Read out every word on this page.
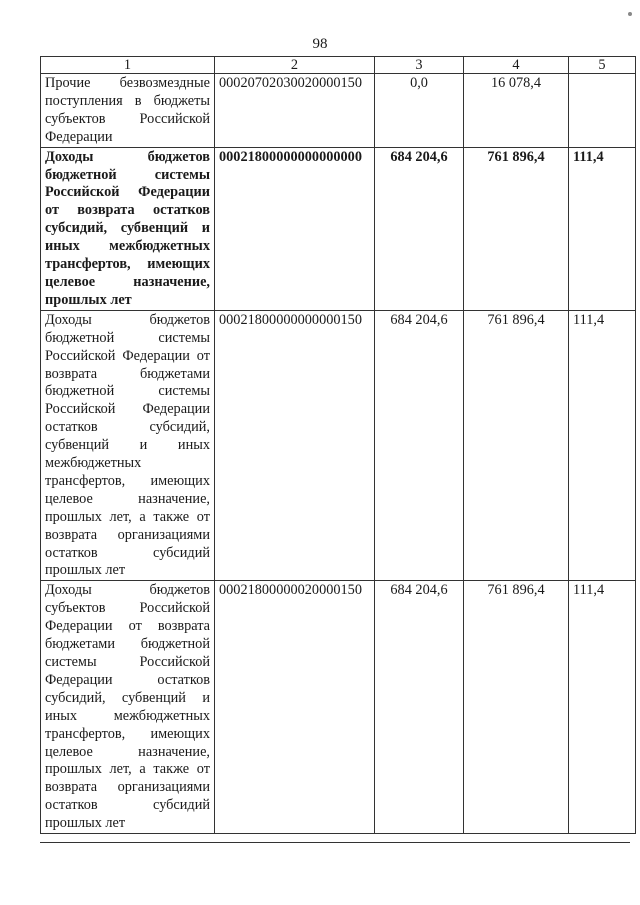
98
1	2	3	4	5
Прочие безвозмездные поступления в бюджеты субъектов Российской Федерации	00020702030020000150	0,0	16 078,4	
Доходы бюджетов бюджетной системы Российской Федерации от возврата остатков субсидий, субвенций и иных межбюджетных трансфертов, имеющих целевое назначение, прошлых лет	00021800000000000000	684 204,6	761 896,4	111,4
Доходы бюджетов бюджетной системы Российской Федерации от возврата бюджетами бюджетной системы Российской Федерации остатков субсидий, субвенций и иных межбюджетных трансфертов, имеющих целевое назначение, прошлых лет, а также от возврата организациями остатков субсидий прошлых лет	00021800000000000150	684 204,6	761 896,4	111,4
Доходы бюджетов субъектов Российской Федерации от возврата бюджетами бюджетной системы Российской Федерации остатков субсидий, субвенций и иных межбюджетных трансфертов, имеющих целевое назначение, прошлых лет, а также от возврата организациями остатков субсидий прошлых лет	00021800000020000150	684 204,6	761 896,4	111,4
